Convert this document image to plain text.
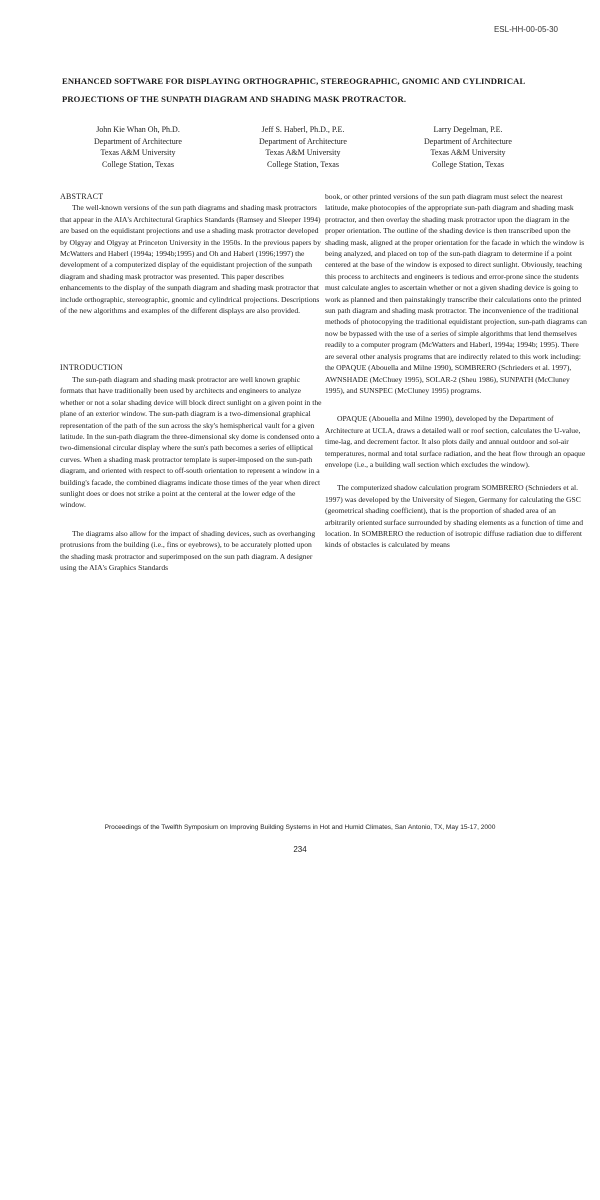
ESL-HH-00-05-30
ENHANCED SOFTWARE FOR DISPLAYING ORTHOGRAPHIC, STEREOGRAPHIC, GNOMIC AND CYLINDRICAL PROJECTIONS OF THE SUNPATH DIAGRAM AND SHADING MASK PROTRACTOR.
John Kie Whan Oh, Ph.D.
Department of Architecture
Texas A&M University
College Station, Texas
Jeff S. Haberl, Ph.D., P.E.
Department of Architecture
Texas A&M University
College Station, Texas
Larry Degelman, P.E.
Department of Architecture
Texas A&M University
College Station, Texas
ABSTRACT

The well-known versions of the sun path diagrams and shading mask protractors that appear in the AIA's Architectural Graphics Standards (Ramsey and Sleeper 1994) are based on the equidistant projections and use a shading mask protractor developed by Olgyay and Olgyay at Princeton University in the 1950s. In the previous papers by McWatters and Haberl (1994a; 1994b;1995) and Oh and Haberl (1996;1997) the development of a computerized display of the equidistant projection of the sunpath diagram and shading mask protractor was presented. This paper describes enhancements to the display of the sunpath diagram and shading mask protractor that include orthographic, stereographic, gnomic and cylindrical projections. Descriptions of the new algorithms and examples of the different displays are also provided.

INTRODUCTION

The sun-path diagram and shading mask protractor are well known graphic formats that have traditionally been used by architects and engineers to analyze whether or not a solar shading device will block direct sunlight on a given point in the plane of an exterior window. The sun-path diagram is a two-dimensional graphical representation of the path of the sun across the sky's hemispherical vault for a given latitude. In the sun-path diagram the three-dimensional sky dome is condensed onto a two-dimensional circular display where the sun's path becomes a series of elliptical curves. When a shading mask protractor template is super-imposed on the sun-path diagram, and oriented with respect to off-south orientation to represent a window in a building's facade, the combined diagrams indicate those times of the year when direct sunlight does or does not strike a point at the centeral at the lower edge of the window.

The diagrams also allow for the impact of shading devices, such as overhanging protrusions from the building (i.e., fins or eyebrows), to be accurately plotted upon the shading mask protractor and superimposed on the sun path diagram. A designer using the AIA's Graphics Standards

book, or other printed versions of the sun path diagram must select the nearest latitude, make photocopies of the appropriate sun-path diagram and shading mask protractor, and then overlay the shading mask protractor upon the diagram in the proper orientation. The outline of the shading device is then transcribed upon the shading mask, aligned at the proper orientation for the facade in which the window is being analyzed, and placed on top of the sun-path diagram to determine if a point centered at the base of the window is exposed to direct sunlight. Obviously, teaching this process to architects and engineers is tedious and error-prone since the students must calculate angles to ascertain whether or not a given shading device is going to work as planned and then painstakingly transcribe their calculations onto the printed sun path diagram and shading mask protractor. The inconvenience of the traditional methods of photocopying the traditional equidistant projection, sun-path diagrams can now be bypassed with the use of a series of simple algorithms that lend themselves readily to a computer program (McWatters and Haberl, 1994a; 1994b; 1995). There are several other analysis programs that are indirectly related to this work including: the OPAQUE (Abouella and Milne 1990), SOMBRERO (Schrieders et al. 1997), AWNSHADE (McChuey 1995), SOLAR-2 (Sheu 1986), SUNPATH (McCluney 1995), and SUNSPEC (McCluney 1995) programs.

OPAQUE (Abouella and Milne 1990), developed by the Department of Architecture at UCLA, draws a detailed wall or roof section, calculates the U-value, time-lag, and decrement factor. It also plots daily and annual outdoor and sol-air temperatures, normal and total surface radiation, and the heat flow through an opaque envelope (i.e., a building wall section which excludes the window).

The computerized shadow calculation program SOMBRERO (Schnieders et al. 1997) was developed by the University of Siegen, Germany for calculating the GSC (geometrical shading coefficient), that is the proportion of shaded area of an arbitrarily oriented surface surrounded by shading elements as a function of time and location. In SOMBRERO the reduction of isotropic diffuse radiation due to different kinds of obstacles is calculated by means

Proceedings of the Twelfth Symposium on Improving Building Systems in Hot and Humid Climates, San Antonio, TX, May 15-17, 2000
234
